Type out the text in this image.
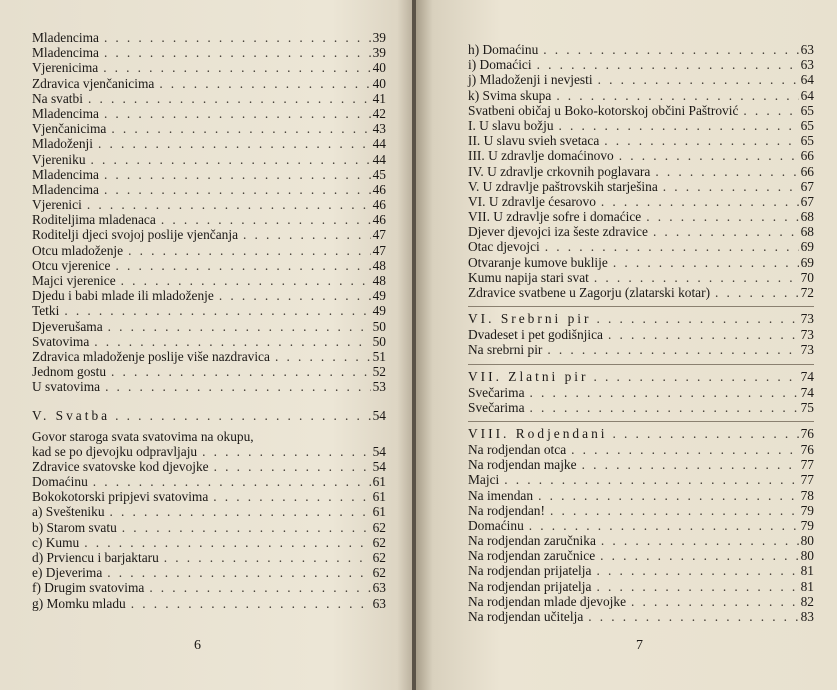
Mladencima . . .	39
Mladencima . . .	39
Vjerenicima . . .	40
Zdravica vjenčanicima . . .	40
Na svatbi . . .	41
Mladencima . . .	42
Vjenčanicima . . .	43
Mladoženji . . .	44
Vjereniku . . .	44
Mladencima . . .	45
Mladencima . . .	46
Vjerenici . . .	46
Roditeljima mladenaca . . .	46
Roditelji djeci svojoj poslije vjenčanja . . .	47
Otcu mladoženje . . .	47
Otcu vjerenice . . .	48
Majci vjerenice . . .	48
Djedu i babi mlade ili mladoženje . . .	49
Tetki . . .	49
Djeverušama . . .	50
Svatovima . . .	50
Zdravica mladoženje poslije više nazdravica . . .	51
Jednom gostu . . .	52
U svatovima . . .	53
V. Svatba . . .	54
Govor staroga svata svatovima na okupu,
kad se po djevojku odpravljaju . . .	54
Zdravice svatovske kod djevojke . . .	54
Domaćinu . . .	61
Bokokotorski pripjevi svatovima . . .	61
a) Svešteniku . . .	61
b) Starom svatu . . .	62
c) Kumu . . .	62
d) Prviencu i barjaktaru . . .	62
e) Djeverima . . .	62
f) Drugim svatovima . . .	63
g) Momku mladu . . .	63
6
h) Domaćinu . . .	63
i) Domaćici . . .	63
j) Mladoženji i nevjesti . . .	64
k) Svima skupa . . .	64
Svatbeni običaj u Boko-kotorskoj občini Paštrović . . .	65
I. U slavu božju . . .	65
II. U slavu svieh svetaca . . .	65
III. U zdravlje domaćinovo . . .	66
IV. U zdravlje crkovnih poglavara . . .	66
V. U zdravlje paštrovskih starješina . . .	67
VI. U zdravlje ćesarovo . . .	67
VII. U zdravlje sofre i domaćice . . .	68
Djever djevojci iza šeste zdravice . . .	68
Otac djevojci . . .	69
Otvaranje kumove buklije . . .	69
Kumu napija stari svat . . .	70
Zdravice svatbene u Zagorju (zlatarski kotar) . . .	72
VI. Srebrni pir . . .	73
Dvadeset i pet godišnjica . . .	73
Na srebrni pir . . .	73
VII. Zlatni pir . . .	74
Svečarima . . .	74
Svečarima . . .	75
VIII. Rodjendani . . .	76
Na rodjendan otca . . .	76
Na rodjendan majke . . .	77
Majci . . .	77
Na imendan . . .	78
Na rodjendan! . . .	79
Domaćinu . . .	79
Na rodjendan zaručnika . . .	80
Na rodjendan zaručnice . . .	80
Na rodjendan prijatelja . . .	81
Na rodjendan prijatelja . . .	81
Na rodjendan mlade djevojke . . .	82
Na rodjendan učitelja . . .	83
7
